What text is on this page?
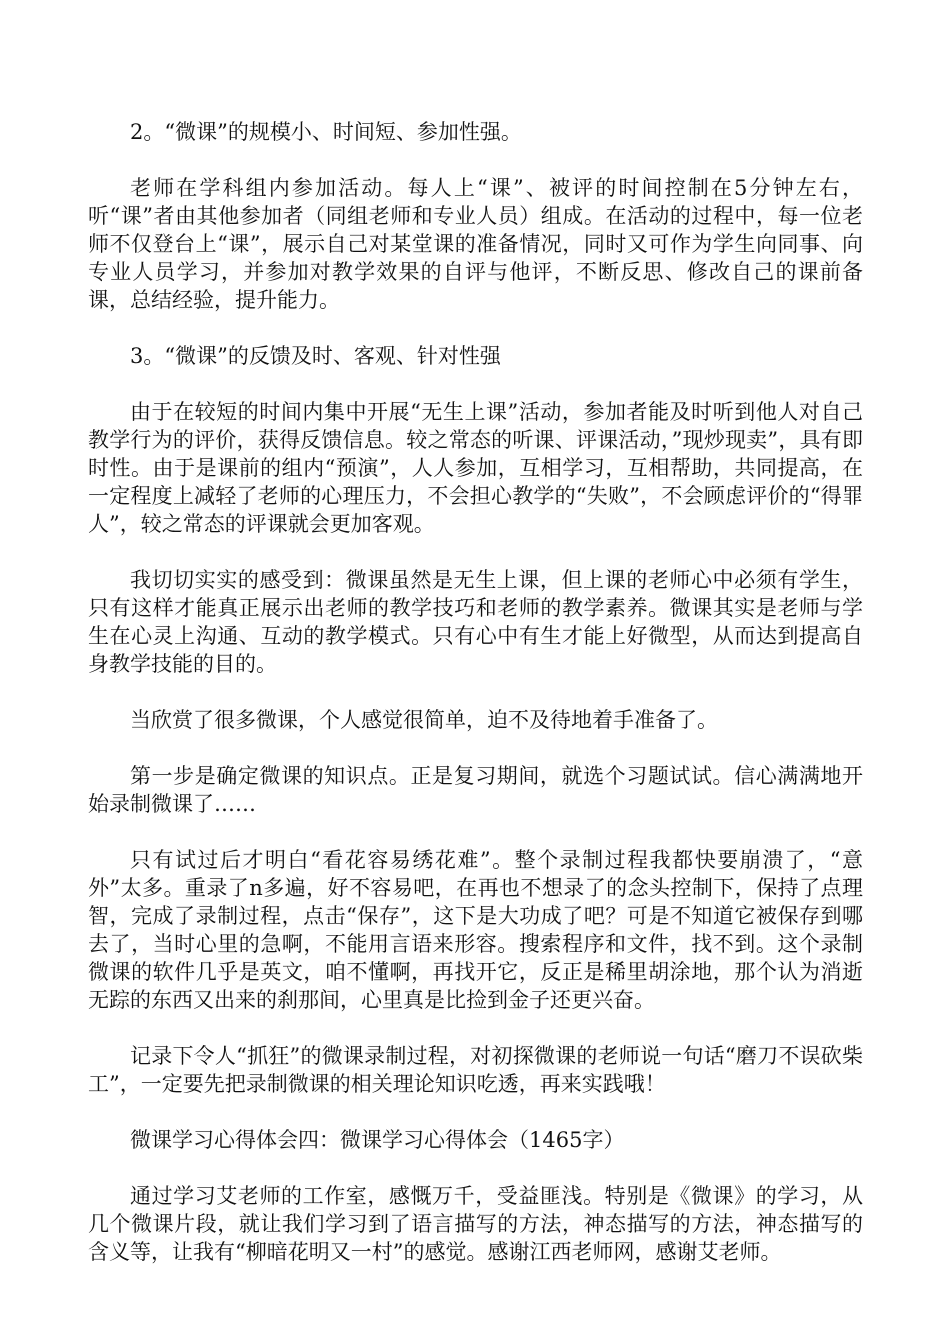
2。“微课”的规模小、时间短、参加性强。

老师在学科组内参加活动。每人上“课”、被评的时间控制在5分钟左右，听“课”者由其他参加者（同组老师和专业人员）组成。在活动的过程中，每一位老师不仅登台上“课”，展示自己对某堂课的准备情况，同时又可作为学生向同事、向专业人员学习，并参加对教学效果的自评与他评，不断反思、修改自己的课前备课，总结经验，提升能力。

3。“微课”的反馈及时、客观、针对性强

由于在较短的时间内集中开展“无生上课”活动，参加者能及时听到他人对自己教学行为的评价，获得反馈信息。较之常态的听课、评课活动，”现炒现卖”，具有即时性。由于是课前的组内“预演”，人人参加，互相学习，互相帮助，共同提高，在一定程度上减轻了老师的心理压力，不会担心教学的“失败”，不会顾虑评价的“得罪人”，较之常态的评课就会更加客观。

我切切实实的感受到：微课虽然是无生上课，但上课的老师心中必须有学生，只有这样才能真正展示出老师的教学技巧和老师的教学素养。微课其实是老师与学生在心灵上沟通、互动的教学模式。只有心中有生才能上好微型，从而达到提高自身教学技能的目的。

当欣赏了很多微课，个人感觉很简单，迫不及待地着手准备了。

第一步是确定微课的知识点。正是复习期间，就选个习题试试。信心满满地开始录制微课了……

只有试过后才明白“看花容易绣花难”。整个录制过程我都快要崩溃了，“意外”太多。重录了n多遍，好不容易吧，在再也不想录了的念头控制下，保持了点理智，完成了录制过程，点击“保存”，这下是大功成了吧？可是不知道它被保存到哪去了，当时心里的急啊，不能用言语来形容。搜索程序和文件，找不到。这个录制微课的软件几乎是英文，咱不懂啊，再找开它，反正是稀里胡涂地，那个认为消逝无踪的东西又出来的刹那间，心里真是比捡到金子还更兴奋。

记录下令人“抓狂”的微课录制过程，对初探微课的老师说一句话“磨刀不误砍柴工”，一定要先把录制微课的相关理论知识吃透，再来实践哦！

微课学习心得体会四：微课学习心得体会（1465字）

通过学习艾老师的工作室，感慨万千，受益匪浅。特别是《微课》的学习，从几个微课片段，就让我们学习到了语言描写的方法，神态描写的方法，神态描写的含义等，让我有“柳暗花明又一村”的感觉。感谢江西老师网，感谢艾老师。
